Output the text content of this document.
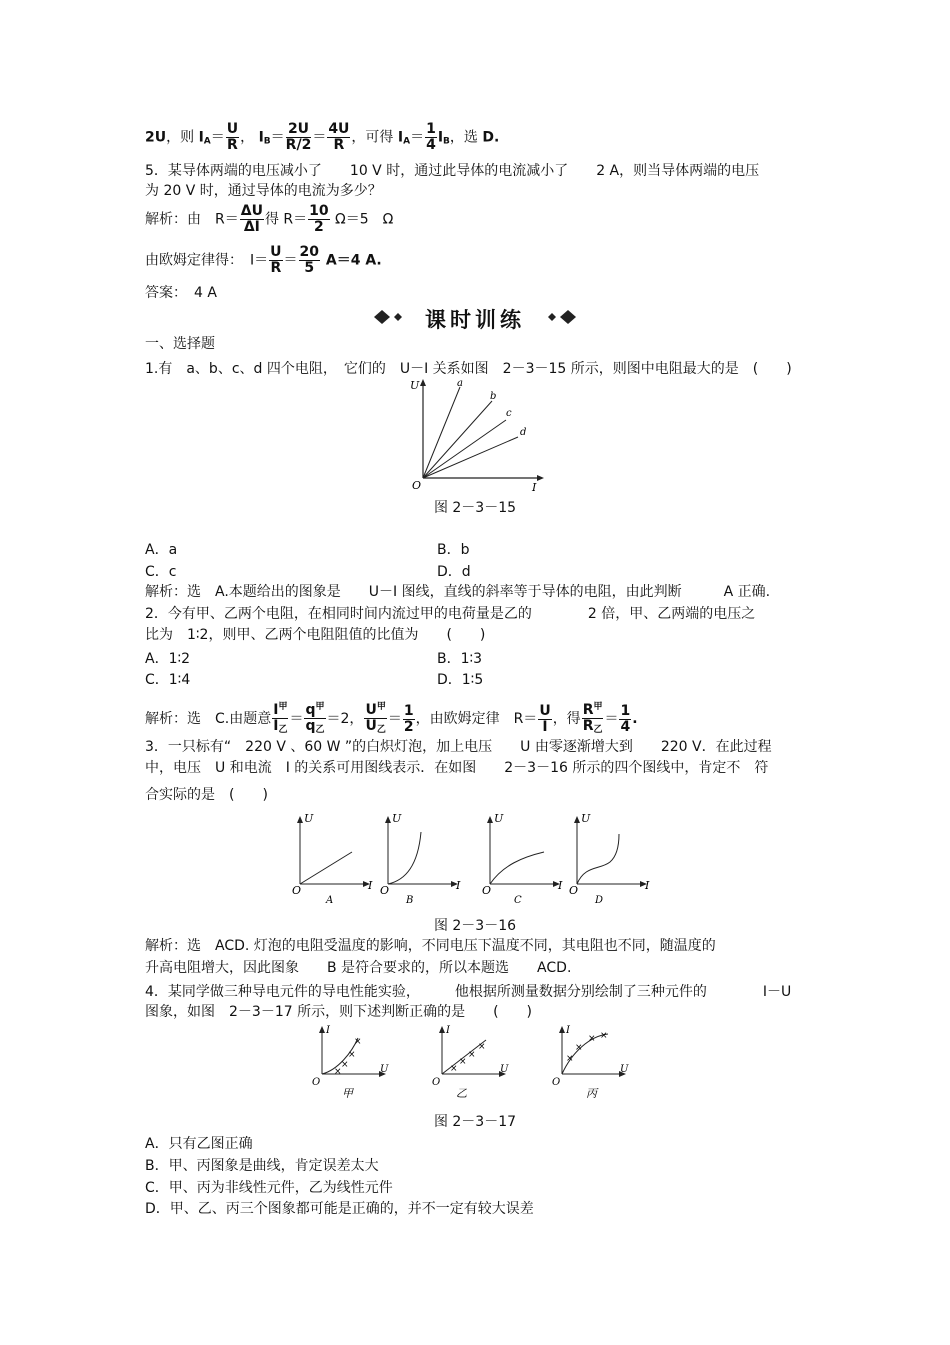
2U，则 $I_A= \frac{U}{R}$ ， $I_B= \frac{2U}{R/2} = \frac{4U}{R}$ ，可得 $I_A= \frac{1}{4} I_B$，选 D.
5．某导体两端的电压减小了　　10 V 时，通过此导体的电流减小了　　2 A，则当导体两端的电压
为 20 V 时，通过导体的电流为多少？
解析：由　$R= \frac{\Delta U}{\Delta I}$ 得 $R= \frac{10}{2} \Omega=5$　Ω
由欧姆定律得：　$I= \frac{U}{R} = \frac{20}{5} A=4$ A.
答案：　4 A
课时训练
一、选择题
1.有　a、b、c、d 四个电阻，　它们的　U－I 关系如图　2－3－15 所示，则图中电阻最大的是　(　　)
U
I
O
a
b
c
d
图 2－3－15
A．a	B．b
C．c	D．d
解析：选　A.本题给出的图象是　　U－I 图线，直线的斜率等于导体的电阻，由此判断　　　A 正确.
2．今有甲、乙两个电阻，在相同时间内流过甲的电荷量是乙的　　　　2 倍，甲、乙两端的电压之
比为　1∶2，则甲、乙两个电阻阻值的比值为　　(　　)
A．1∶2	B．1∶3
C．1∶4	D．1∶5
解析：选　C.由题意 $\frac{I^甲}{I_乙} = \frac{q^甲}{q_乙} =2$， $\frac{U^甲}{U_乙} = \frac{1}{2}$ ，由欧姆定律　$R= \frac{U}{I}$ ，得 $\frac{R^甲}{R_乙} = \frac{1}{4}$ .
3．一只标有“　220 V 、60 W ”的白炽灯泡，加上电压　　U 由零逐渐增大到　　220 V．在此过程
中，电压　U 和电流　I 的关系可用图线表示．在如图　　2－3－16 所示的四个图线中，肯定不　符
合实际的是　(　　)
U
I
O
A
U
I
O
B
U
I
O
C
U
I
O
D
图 2－3－16
解析：选　ACD. 灯泡的电阻受温度的影响，不同电压下温度不同，其电阻也不同，随温度的
升高电阻增大，因此图象　　B 是符合要求的，所以本题选　　ACD.
4．某同学做三种导电元件的导电性能实验，　　　他根据所测量数据分别绘制了三种元件的　　　　I－U
图象，如图　2－3－17 所示，则下述判断正确的是　　(　　)
×
×
×
×
I
U
O
甲
×
×
×
×
I
U
O
乙
×
×
× ×
I
U
O
丙
图 2－3－17
A．只有乙图正确
B．甲、丙图象是曲线，肯定误差太大
C．甲、丙为非线性元件，乙为线性元件
D．甲、乙、丙三个图象都可能是正确的，并不一定有较大误差
